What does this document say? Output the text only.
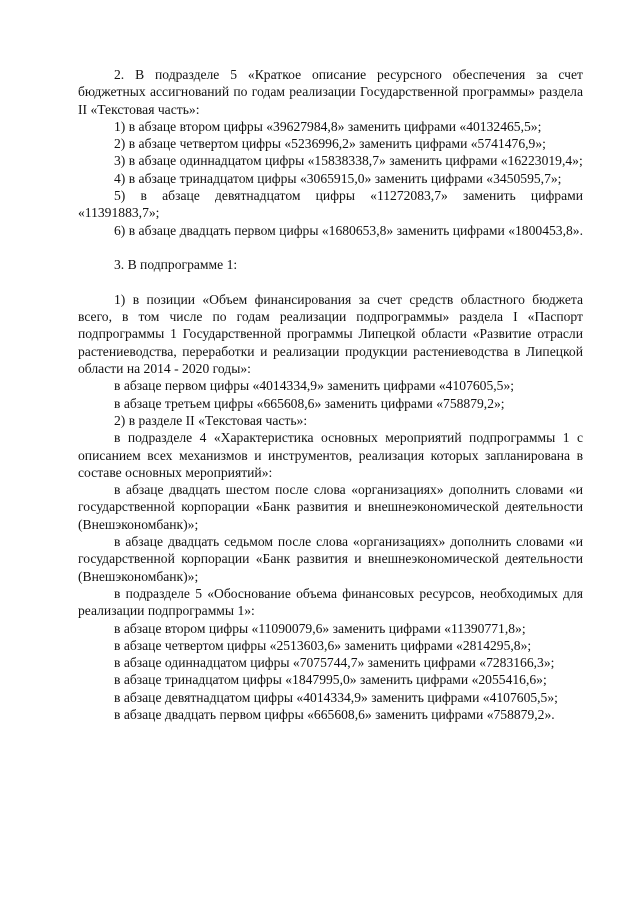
2. В подразделе 5 «Краткое описание ресурсного обеспечения за счет бюджетных ассигнований по годам реализации Государственной программы» раздела II «Текстовая часть»:

1) в абзаце втором цифры «39627984,8» заменить цифрами «40132465,5»;

2) в абзаце четвертом цифры «5236996,2» заменить цифрами «5741476,9»;

3) в абзаце одиннадцатом цифры «15838338,7» заменить цифрами «16223019,4»;

4) в абзаце тринадцатом цифры «3065915,0» заменить цифрами «3450595,7»;

5) в абзаце девятнадцатом цифры «11272083,7» заменить цифрами «11391883,7»;

6) в абзаце двадцать первом цифры «1680653,8» заменить цифрами «1800453,8».

3. В подпрограмме 1:

1) в позиции «Объем финансирования за счет средств областного бюджета всего, в том числе по годам реализации подпрограммы» раздела I «Паспорт подпрограммы 1 Государственной программы Липецкой области «Развитие отрасли растениеводства, переработки и реализации продукции растениеводства в Липецкой области на 2014 - 2020 годы»:

в абзаце первом цифры «4014334,9» заменить цифрами «4107605,5»;

в абзаце третьем цифры «665608,6» заменить цифрами «758879,2»;

2) в разделе II «Текстовая часть»:

в подразделе 4 «Характеристика основных мероприятий подпрограммы 1 с описанием всех механизмов и инструментов, реализация которых запланирована в составе основных мероприятий»:

в абзаце двадцать шестом после слова «организациях» дополнить словами «и государственной корпорации «Банк развития и внешнеэкономической деятельности (Внешэкономбанк)»;

в абзаце двадцать седьмом после слова «организациях» дополнить словами «и государственной корпорации «Банк развития и внешнеэкономической деятельности (Внешэкономбанк)»;

в подразделе 5 «Обоснование объема финансовых ресурсов, необходимых для реализации подпрограммы 1»:

в абзаце втором цифры «11090079,6» заменить цифрами «11390771,8»;

в абзаце четвертом цифры «2513603,6» заменить цифрами «2814295,8»;

в абзаце одиннадцатом цифры «7075744,7» заменить цифрами «7283166,3»;

в абзаце тринадцатом цифры «1847995,0» заменить цифрами «2055416,6»;

в абзаце девятнадцатом цифры «4014334,9» заменить цифрами «4107605,5»;

в абзаце двадцать первом цифры «665608,6» заменить цифрами «758879,2».
